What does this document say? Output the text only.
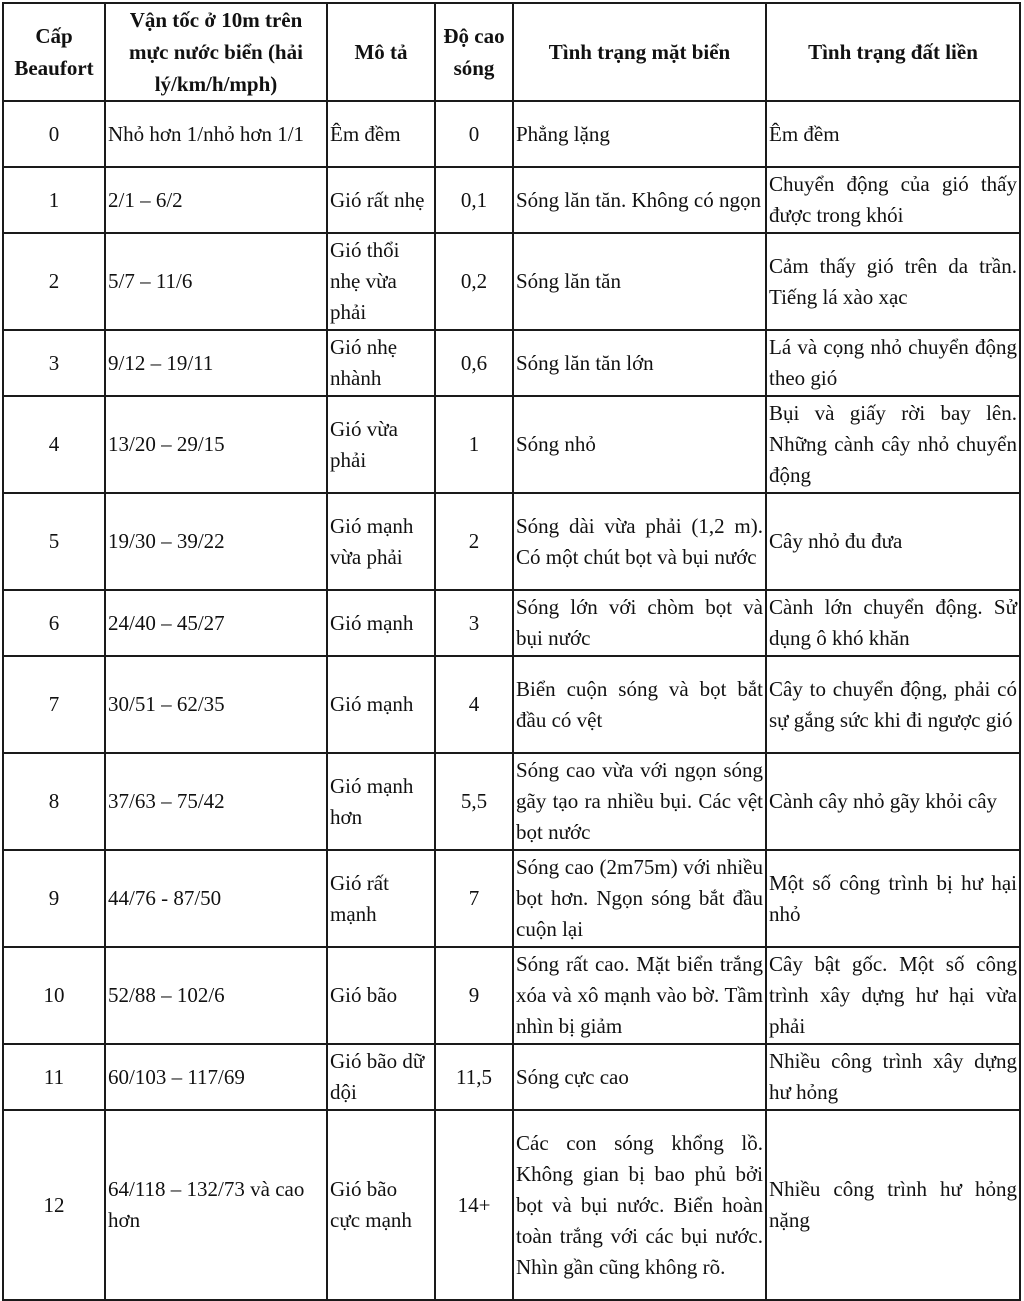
Cấp Beaufort	Vận tốc ở 10m trên mực nước biển (hải lý/km/h/mph)	Mô tả	Độ cao sóng	Tình trạng mặt biển	Tình trạng đất liền
0	Nhỏ hơn 1/nhỏ hơn 1/1	Êm đềm	0	Phẳng lặng	Êm đềm
1	2/1 – 6/2	Gió rất nhẹ	0,1	Sóng lăn tăn. Không có ngọn	Chuyển động của gió thấy được trong khói
2	5/7 – 11/6	Gió thổi nhẹ vừa phải	0,2	Sóng lăn tăn	Cảm thấy gió trên da trần. Tiếng lá xào xạc
3	9/12 – 19/11	Gió nhẹ nhành	0,6	Sóng lăn tăn lớn	Lá và cọng nhỏ chuyển động theo gió
4	13/20 – 29/15	Gió vừa phải	1	Sóng nhỏ	Bụi và giấy rời bay lên. Những cành cây nhỏ chuyển động
5	19/30 – 39/22	Gió mạnh vừa phải	2	Sóng dài vừa phải (1,2 m). Có một chút bọt và bụi nước	Cây nhỏ đu đưa
6	24/40 – 45/27	Gió mạnh	3	Sóng lớn với chòm bọt và bụi nước	Cành lớn chuyển động. Sử dụng ô khó khăn
7	30/51 – 62/35	Gió mạnh	4	Biển cuộn sóng và bọt bắt đầu có vệt	Cây to chuyển động, phải có sự gắng sức khi đi ngược gió
8	37/63 – 75/42	Gió mạnh hơn	5,5	Sóng cao vừa với ngọn sóng gãy tạo ra nhiều bụi. Các vệt bọt nước	Cành cây nhỏ gãy khỏi cây
9	44/76 - 87/50	Gió rất mạnh	7	Sóng cao (2m75m) với nhiều bọt hơn. Ngọn sóng bắt đầu cuộn lại	Một số công trình bị hư hại nhỏ
10	52/88 – 102/6	Gió bão	9	Sóng rất cao. Mặt biển trắng xóa và xô mạnh vào bờ. Tầm nhìn bị giảm	Cây bật gốc. Một số công trình xây dựng hư hại vừa phải
11	60/103 – 117/69	Gió bão dữ dội	11,5	Sóng cực cao	Nhiều công trình xây dựng hư hỏng
12	64/118 – 132/73 và cao hơn	Gió bão cực mạnh	14+	Các con sóng khổng lồ. Không gian bị bao phủ bởi bọt và bụi nước. Biển hoàn toàn trắng với các bụi nước. Nhìn gần cũng không rõ.	Nhiều công trình hư hỏng nặng
